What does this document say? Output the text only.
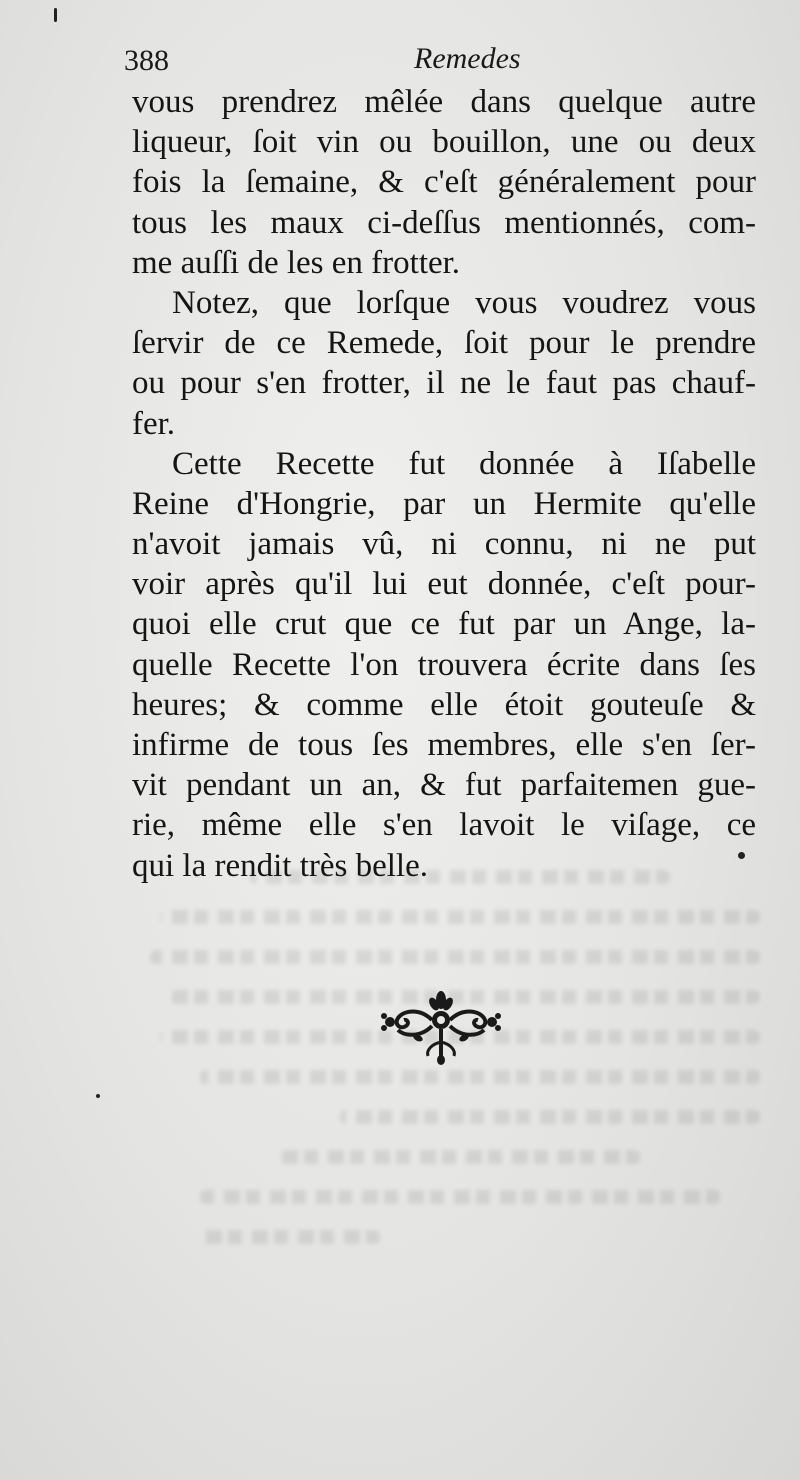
388	Remedes
vous prendrez mêlée dans quelque autre
liqueur, ſoit vin ou bouillon, une ou deux
fois la ſemaine, & c'eſt généralement pour
tous les maux ci-deſſus mentionnés, com-
me auſſi de les en frotter.
Notez, que lorſque vous voudrez vous
ſervir de ce Remede, ſoit pour le prendre
ou pour s'en frotter, il ne le faut pas chauf-
fer.
Cette Recette fut donnée à Iſabelle
Reine d'Hongrie, par un Hermite qu'elle
n'avoit jamais vû, ni connu, ni ne put
voir après qu'il lui eut donnée, c'eſt pour-
quoi elle crut que ce fut par un Ange, la-
quelle Recette l'on trouvera écrite dans ſes
heures; & comme elle étoit gouteuſe &
infirme de tous ſes membres, elle s'en ſer-
vit pendant un an, & fut parfaitemen gue-
rie, même elle s'en lavoit le viſage, ce
qui la rendit très belle.
